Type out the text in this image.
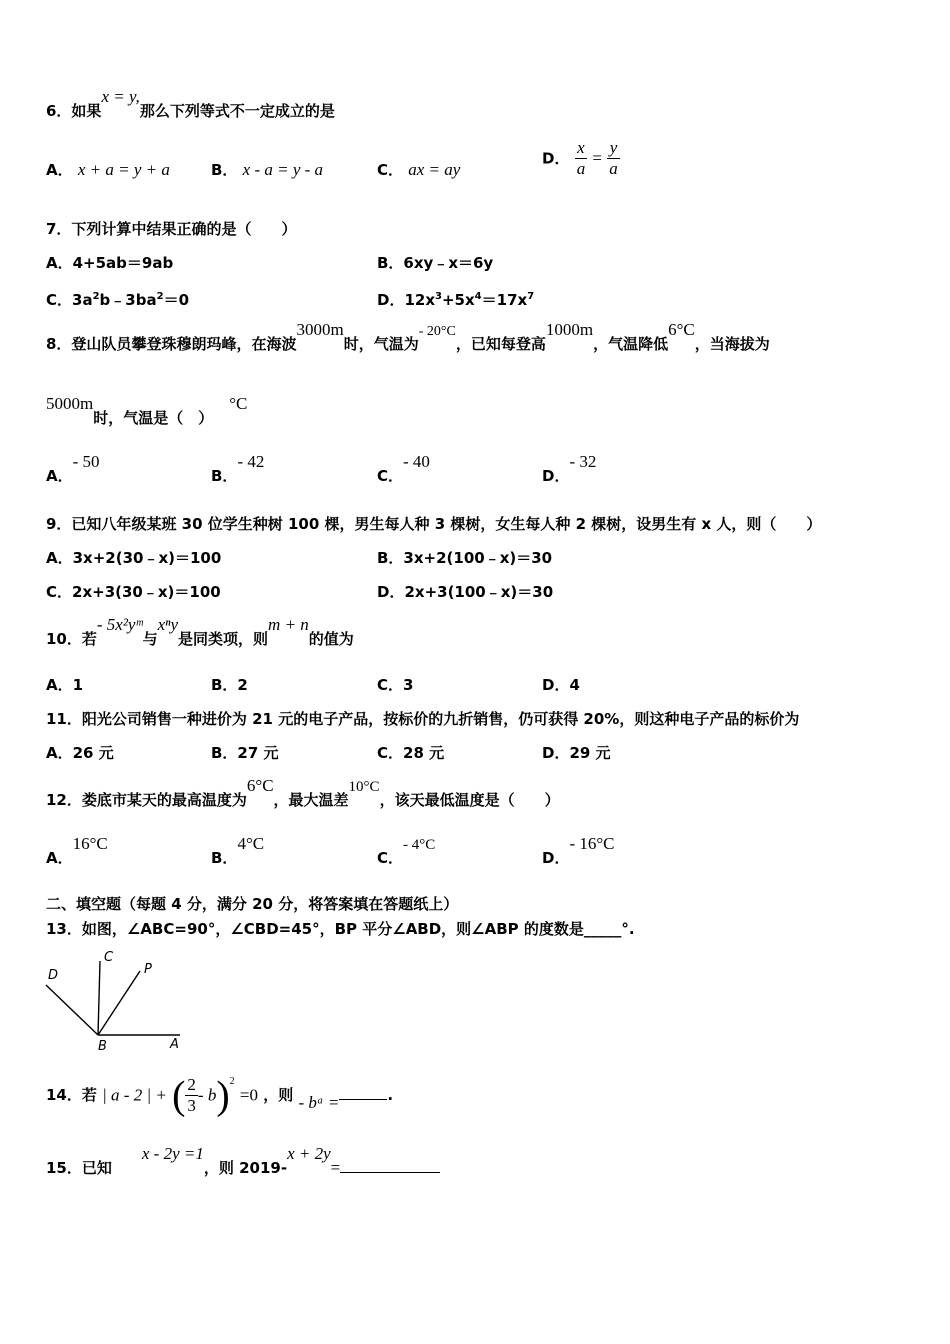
6．如果x = y,那么下列等式不一定成立的是
A． x + a = y + a	B． x - a = y - a	C． ax = ay
D． $\frac{x}{a} = \frac{y}{a}$
7．下列计算中结果正确的是（　　）
A．4+5ab＝9ab	B．6xy﹣x＝6y
C．$3a^2b﹣3ba^2=0$	D．$12x^3+5x^4=17x^7$
8．登山队员攀登珠穆朗玛峰，在海波3000m时，气温为- 20°C，已知每登高1000m，气温降低6°C，当海拔为
5000m时，气温是（　）°C
A．- 50
B．- 42
C．- 40
D．- 32
9．已知八年级某班 30 位学生种树 100 棵，男生每人种 3 棵树，女生每人种 2 棵树，设男生有 x 人，则（　　）
A．3x+2(30﹣x)＝100	B．3x+2(100﹣x)＝30
C．2x+3(30﹣x)＝100	D．2x+3(100﹣x)＝30
10．若- 5x²yᵐ与xⁿy是同类项，则m + n的值为
A．1	B．2	C．3	D．4
11．阳光公司销售一种进价为 21 元的电子产品，按标价的九折销售，仍可获得 20%，则这种电子产品的标价为
A．26 元	B．27 元	C．28 元	D．29 元
12．娄底市某天的最高温度为6°C，最大温差10°C，该天最低温度是（　　）
A．16°C
B．4°C
C．- 4°C
D．- 16°C
二、填空题（每题 4 分，满分 20 分，将答案填在答题纸上）
13．如图，∠ABC=90°，∠CBD=45°，BP 平分∠ABD，则∠ABP 的度数是_____°.
D
C
P
B	A
14．若 | a - 2 | + ( $\frac{2}{3} - b)^2 =0$ ，则 - bᵃ =	.
15．已知x - 2y =1，则 2019-x + 2y=
